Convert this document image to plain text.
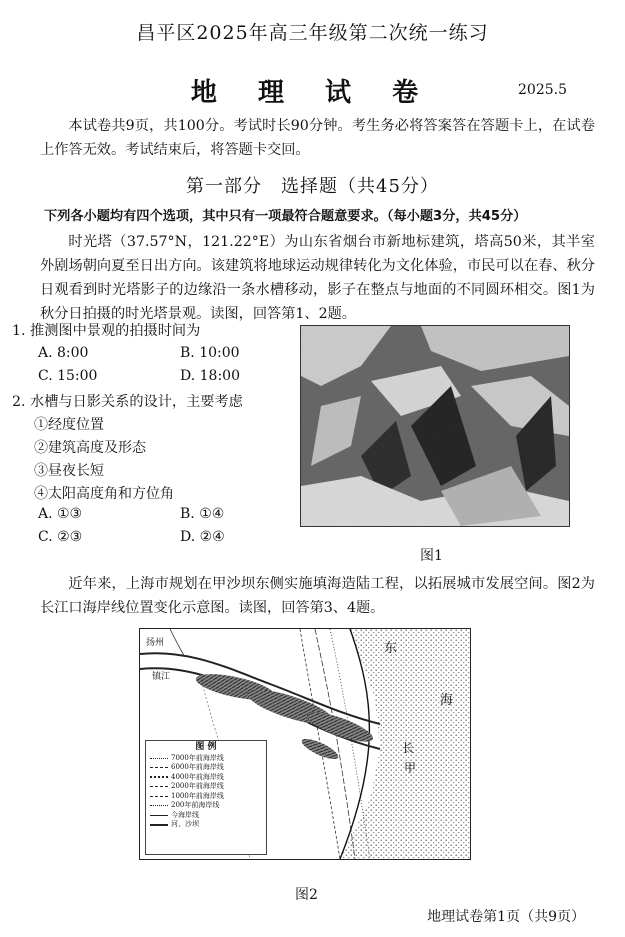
昌平区2025年高三年级第二次统一练习
地 理 试 卷	2025.5
本试卷共9页，共100分。考试时长90分钟。考生务必将答案答在答题卡上，在试卷上作答无效。考试结束后，将答题卡交回。
第一部分　选择题（共45分）
下列各小题均有四个选项，其中只有一项最符合题意要求。（每小题3分，共45分）
时光塔（37.57°N，121.22°E）为山东省烟台市新地标建筑，塔高50米，其半室外剧场朝向夏至日出方向。该建筑将地球运动规律转化为文化体验，市民可以在春、秋分日观看到时光塔影子的边缘沿一条水槽移动，影子在整点与地面的不同圆环相交。图1为秋分日拍摄的时光塔景观。读图，回答第1、2题。
1. 推测图中景观的拍摄时间为
A. 8:00	B. 10:00
C. 15:00	D. 18:00
2. 水槽与日影关系的设计，主要考虑
①经度位置
②建筑高度及形态
③昼夜长短
④太阳高度角和方位角
A. ①③	B. ①④
C. ②③	D. ②④
图1
近年来，上海市规划在甲沙坝东侧实施填海造陆工程，以拓展城市发展空间。图2为长江口海岸线位置变化示意图。读图，回答第3、4题。
扬州
镇江
东
海
长
甲
图 例
7000年前海岸线
6000年前海岸线
4000年前海岸线
2000年前海岸线
1000年前海岸线
200年前海岸线
今海岸线
河、沙坝
图2
地理试卷第1页（共9页）
